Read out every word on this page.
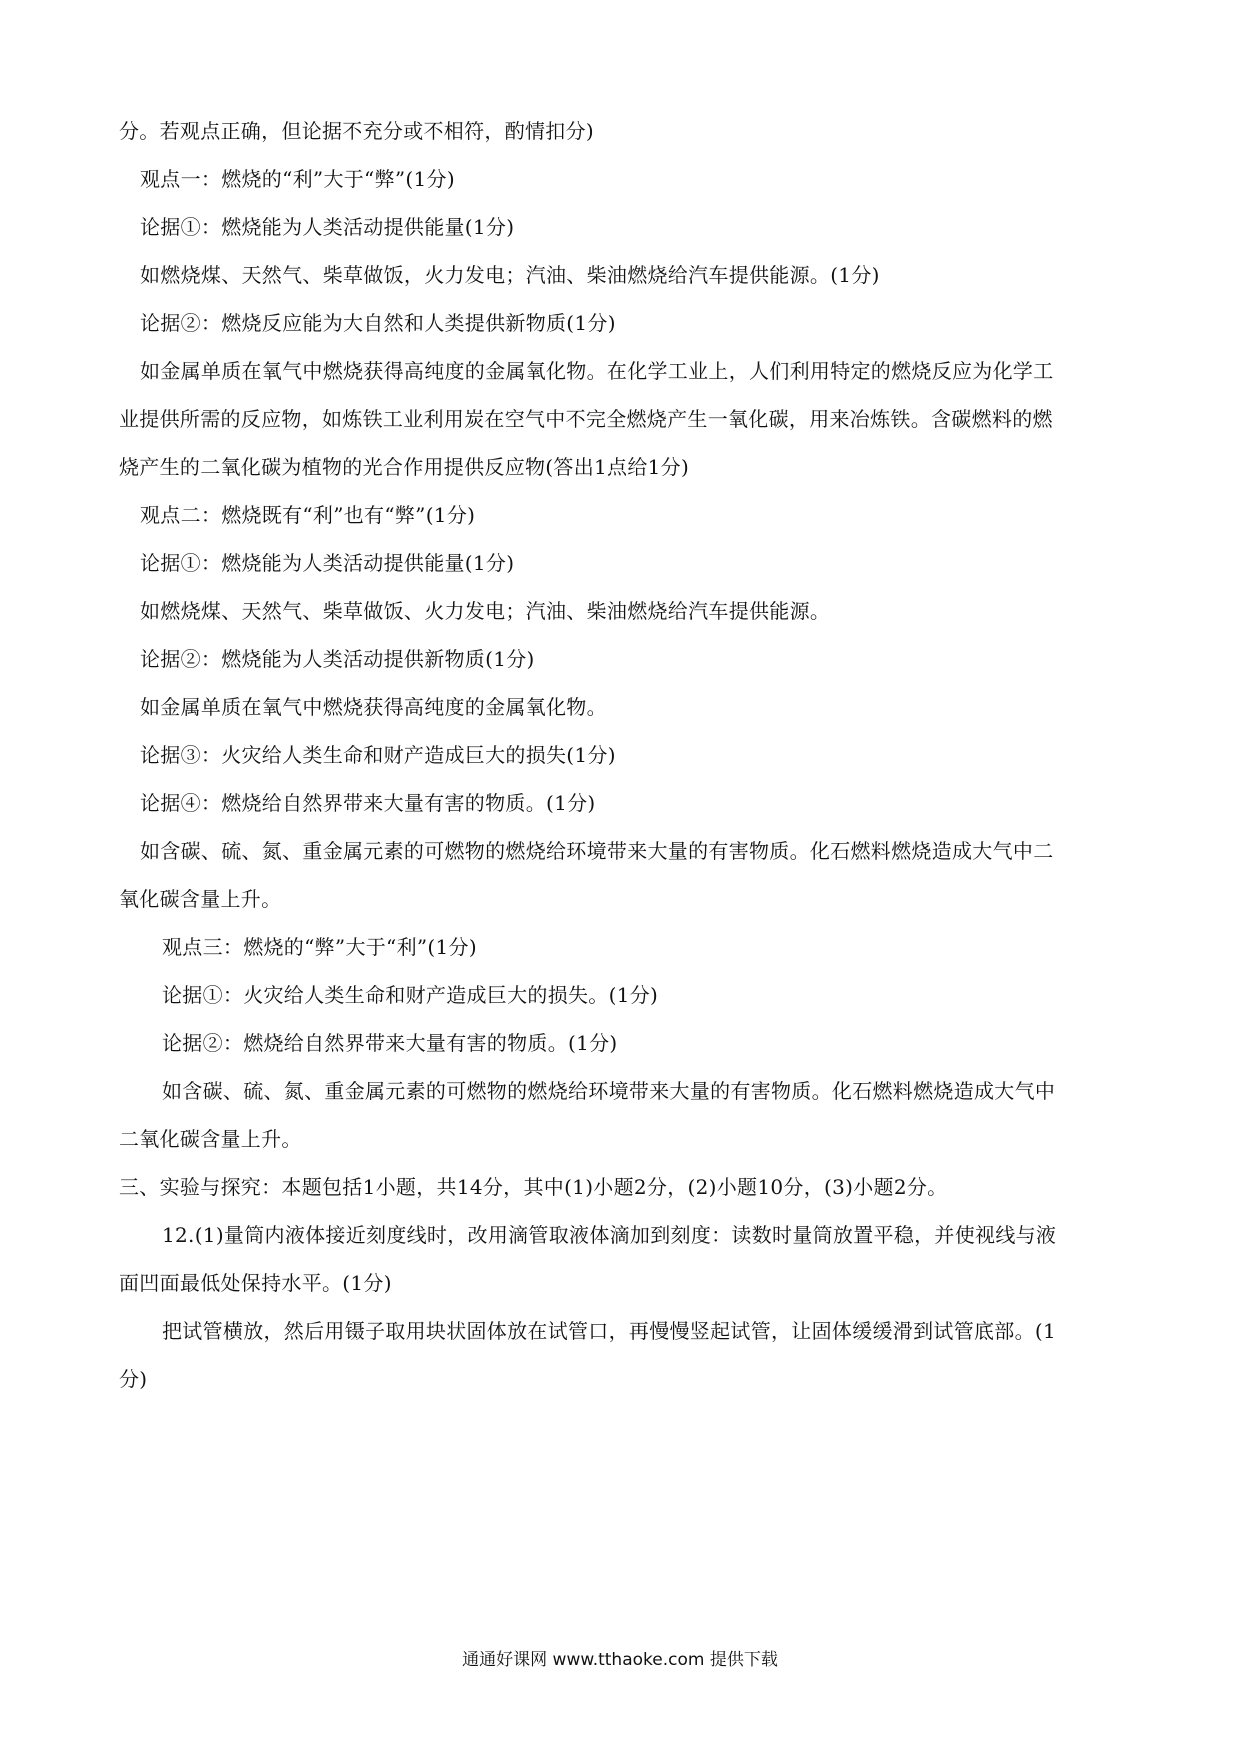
分。若观点正确，但论据不充分或不相符，酌情扣分)
观点一：燃烧的“利”大于“弊”(1分)
论据①：燃烧能为人类活动提供能量(1分)
如燃烧煤、天然气、柴草做饭，火力发电；汽油、柴油燃烧给汽车提供能源。(1分)
论据②：燃烧反应能为大自然和人类提供新物质(1分)
如金属单质在氧气中燃烧获得高纯度的金属氧化物。在化学工业上，人们利用特定的燃烧反应为化学工
业提供所需的反应物，如炼铁工业利用炭在空气中不完全燃烧产生一氧化碳，用来冶炼铁。含碳燃料的燃
烧产生的二氧化碳为植物的光合作用提供反应物(答出1点给1分)
观点二：燃烧既有“利”也有“弊”(1分)
论据①：燃烧能为人类活动提供能量(1分)
如燃烧煤、天然气、柴草做饭、火力发电；汽油、柴油燃烧给汽车提供能源。
论据②：燃烧能为人类活动提供新物质(1分)
如金属单质在氧气中燃烧获得高纯度的金属氧化物。
论据③：火灾给人类生命和财产造成巨大的损失(1分)
论据④：燃烧给自然界带来大量有害的物质。(1分)
如含碳、硫、氮、重金属元素的可燃物的燃烧给环境带来大量的有害物质。化石燃料燃烧造成大气中二
氧化碳含量上升。
观点三：燃烧的“弊”大于“利”(1分)
论据①：火灾给人类生命和财产造成巨大的损失。(1分)
论据②：燃烧给自然界带来大量有害的物质。(1分)
如含碳、硫、氮、重金属元素的可燃物的燃烧给环境带来大量的有害物质。化石燃料燃烧造成大气中
二氧化碳含量上升。
三、实验与探究：本题包括1小题，共14分，其中(1)小题2分，(2)小题10分，(3)小题2分。
12.(1)量筒内液体接近刻度线时，改用滴管取液体滴加到刻度：读数时量筒放置平稳，并使视线与液
面凹面最低处保持水平。(1分)
把试管横放，然后用镊子取用块状固体放在试管口，再慢慢竖起试管，让固体缓缓滑到试管底部。(1
分)
通通好课网 www.tthaoke.com 提供下载
